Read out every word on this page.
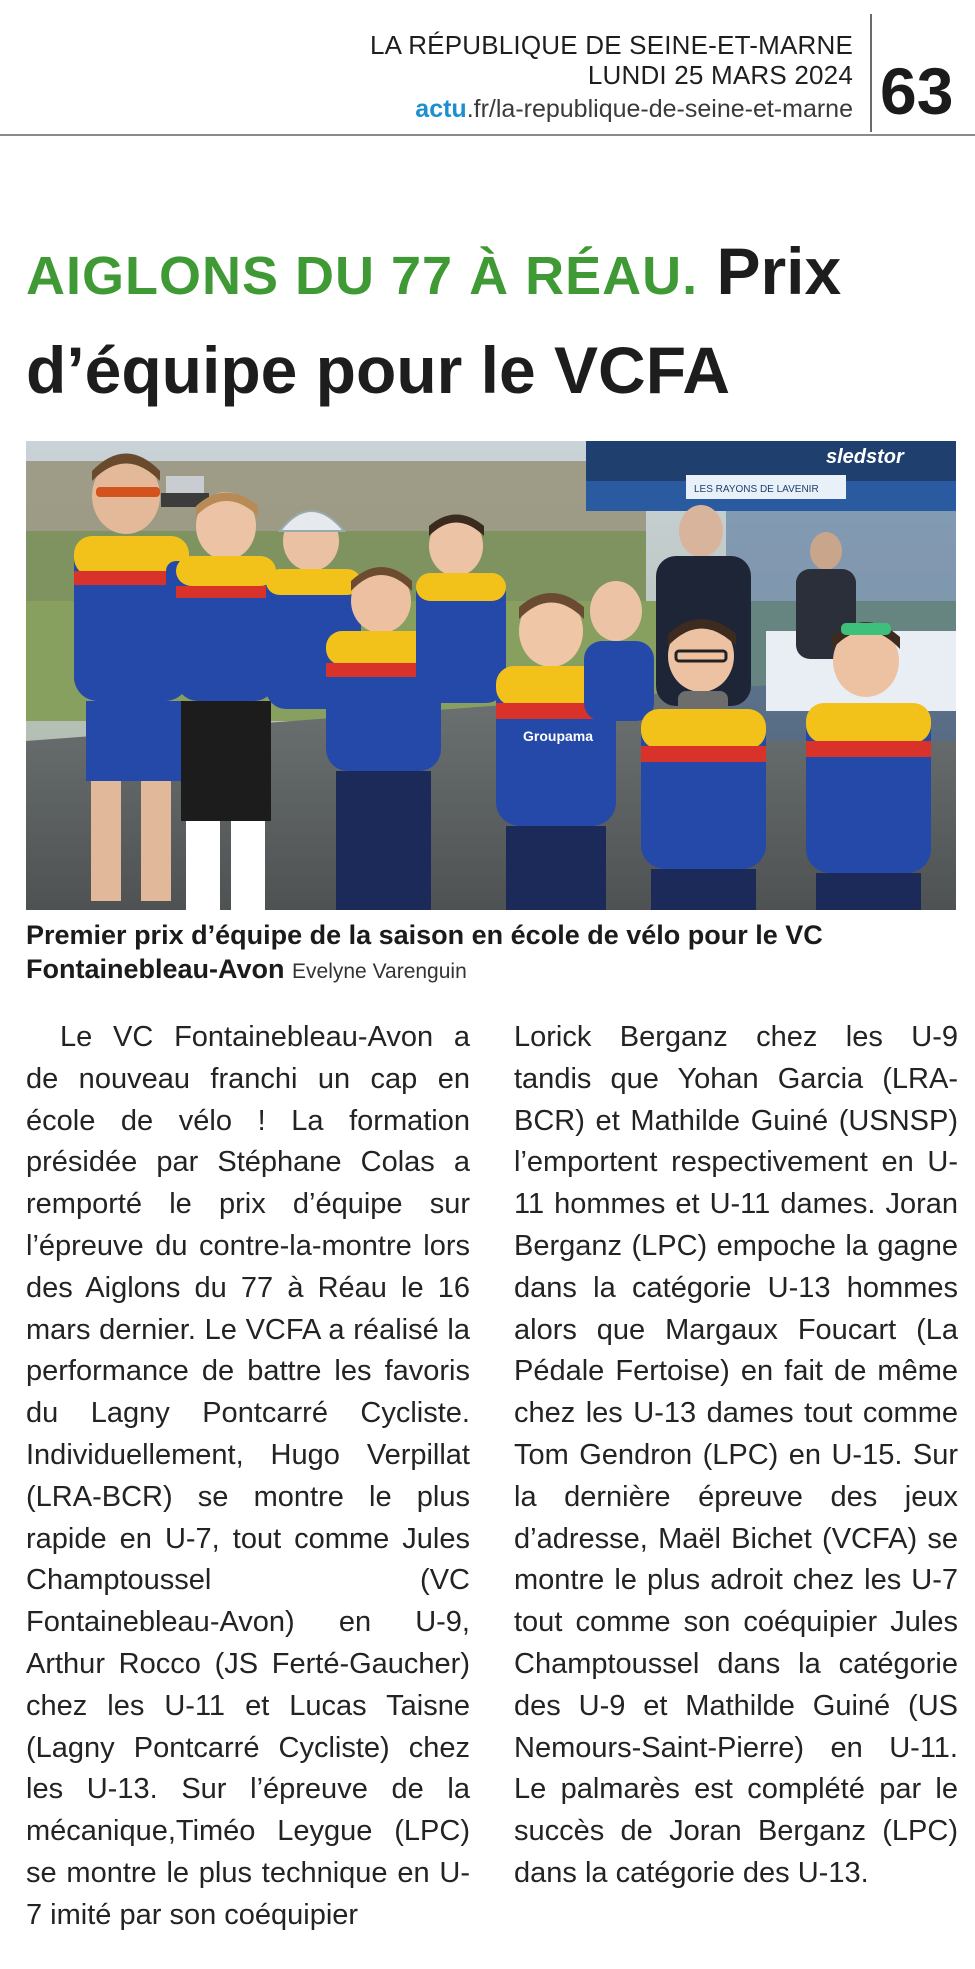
LA RÉPUBLIQUE DE SEINE-ET-MARNE
LUNDI 25 MARS 2024
actu.fr/la-republique-de-seine-et-marne 63
AIGLONS DU 77 À RÉAU. Prix d’équipe pour le VCFA
sledstor
LES RAYONS DE LAVENIR
Groupama
Premier prix d’équipe de la saison en école de vélo pour le VC Fontainebleau-Avon Evelyne Varenguin
Le VC Fontainebleau-Avon a de nouveau franchi un cap en école de vélo ! La formation présidée par Stéphane Colas a remporté le prix d’équipe sur l’épreuve du contre-la-montre lors des Aiglons du 77 à Réau le 16 mars dernier. Le VCFA a réalisé la performance de battre les favoris du Lagny Pontcarré Cycliste. Individuellement, Hugo Verpillat (LRA-BCR) se montre le plus rapide en U-7, tout comme Jules Champtoussel (VC Fontainebleau-Avon) en U-9, Arthur Rocco (JS Ferté-Gaucher) chez les U-11 et Lucas Taisne (Lagny Pontcarré Cycliste) chez les U-13. Sur l’épreuve de la mécanique,Timéo Leygue (LPC) se montre le plus technique en U-7 imité par son coéquipier
Lorick Berganz chez les U-9 tandis que Yohan Garcia (LRA-BCR) et Mathilde Guiné (USNSP) l’emportent respectivement en U-11 hommes et U-11 dames. Joran Berganz (LPC) empoche la gagne dans la catégorie U-13 hommes alors que Margaux Foucart (La Pédale Fertoise) en fait de même chez les U-13 dames tout comme Tom Gendron (LPC) en U-15. Sur la dernière épreuve des jeux d’adresse, Maël Bichet (VCFA) se montre le plus adroit chez les U-7 tout comme son coéquipier Jules Champtoussel dans la catégorie des U-9 et Mathilde Guiné (US Nemours-Saint-Pierre) en U-11. Le palmarès est complété par le succès de Joran Berganz (LPC) dans la catégorie des U-13.
